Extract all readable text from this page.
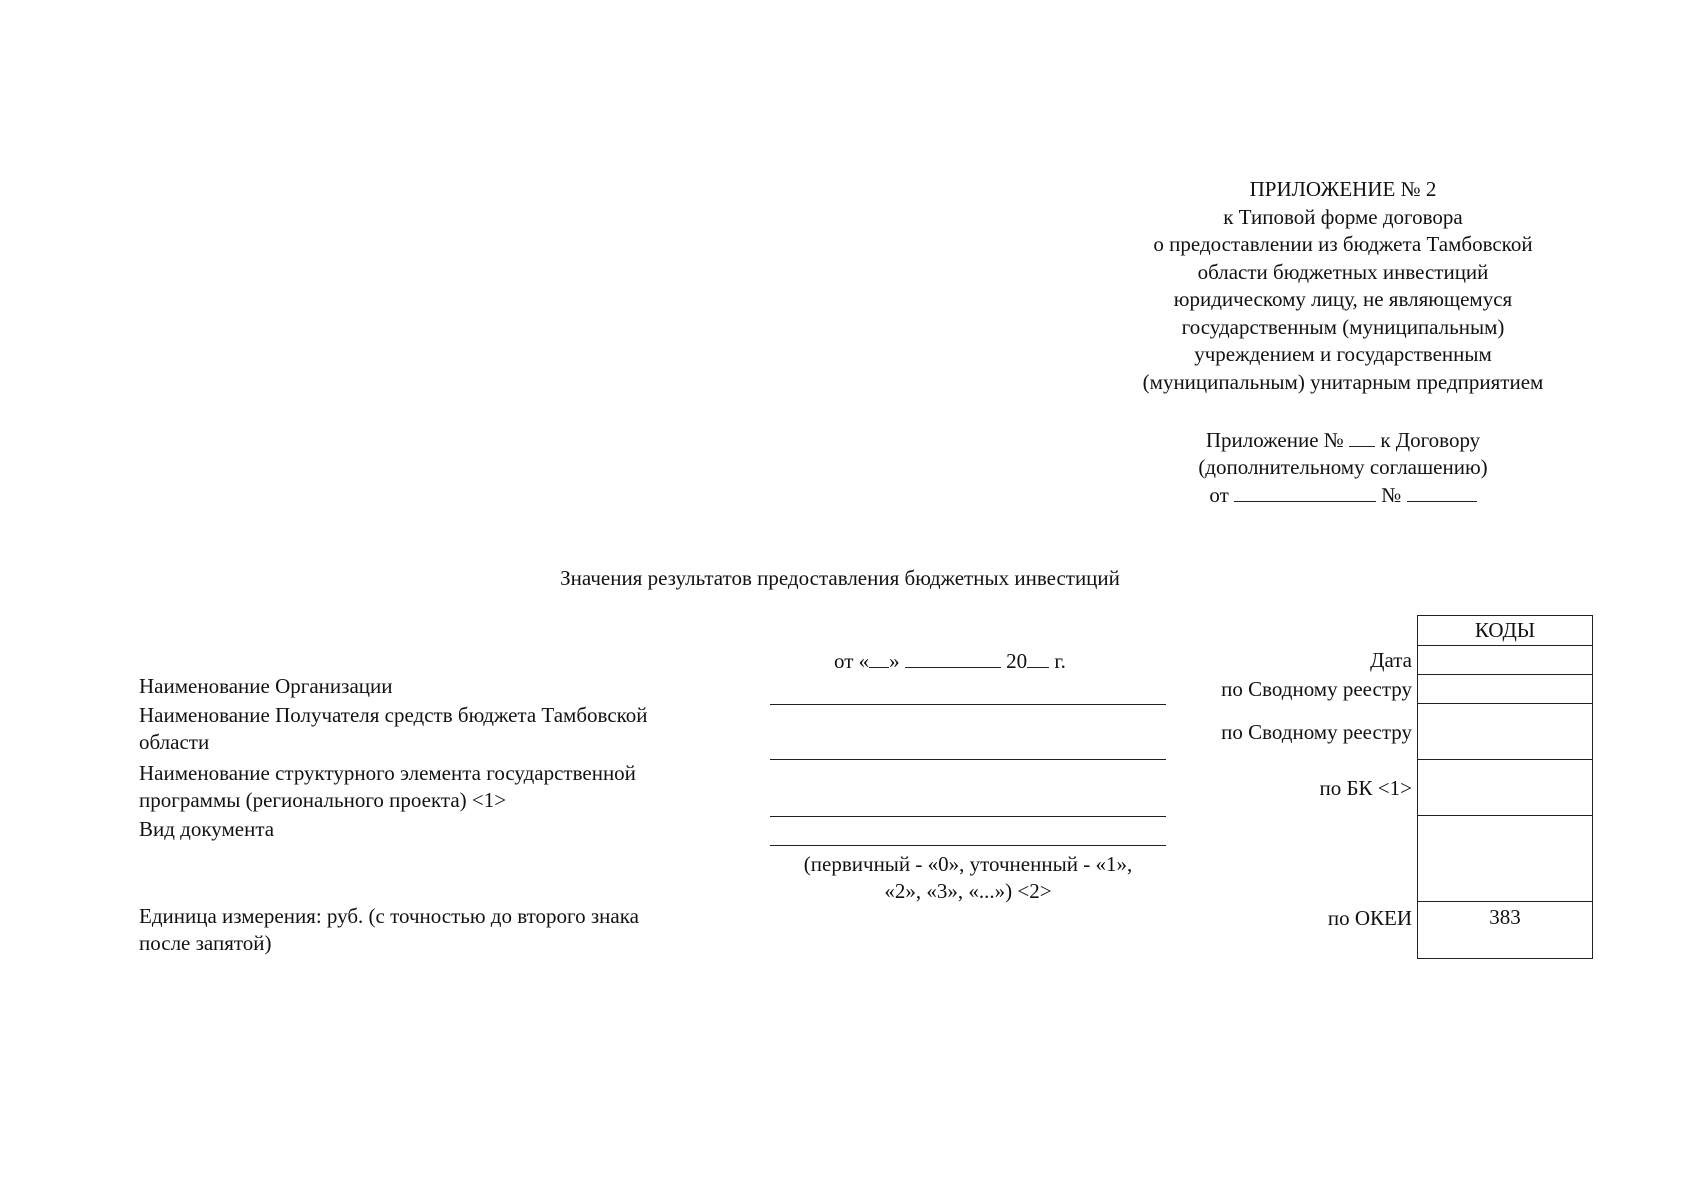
ПРИЛОЖЕНИЕ № 2
к Типовой форме договора
о предоставлении из бюджета Тамбовской
области бюджетных инвестиций
юридическому лицу, не являющемуся
государственным (муниципальным)
учреждением и государственным
(муниципальным) унитарным предприятием
Приложение № к Договору
(дополнительному соглашению)
от	№
Значения результатов предоставления бюджетных инвестиций
от « »	20 г.
Наименование Организации
Наименование Получателя средств бюджета Тамбовской
области
Наименование структурного элемента государственной
программы (регионального проекта) <1>
Вид документа
Единица измерения: руб. (с точностью до второго знака
после запятой)
(первичный - «0», уточненный - «1»,
«2», «3», «...») <2>
Дата
по Сводному реестру
по Сводному реестру
по БК <1>
по ОКЕИ
КОДЫ
383
